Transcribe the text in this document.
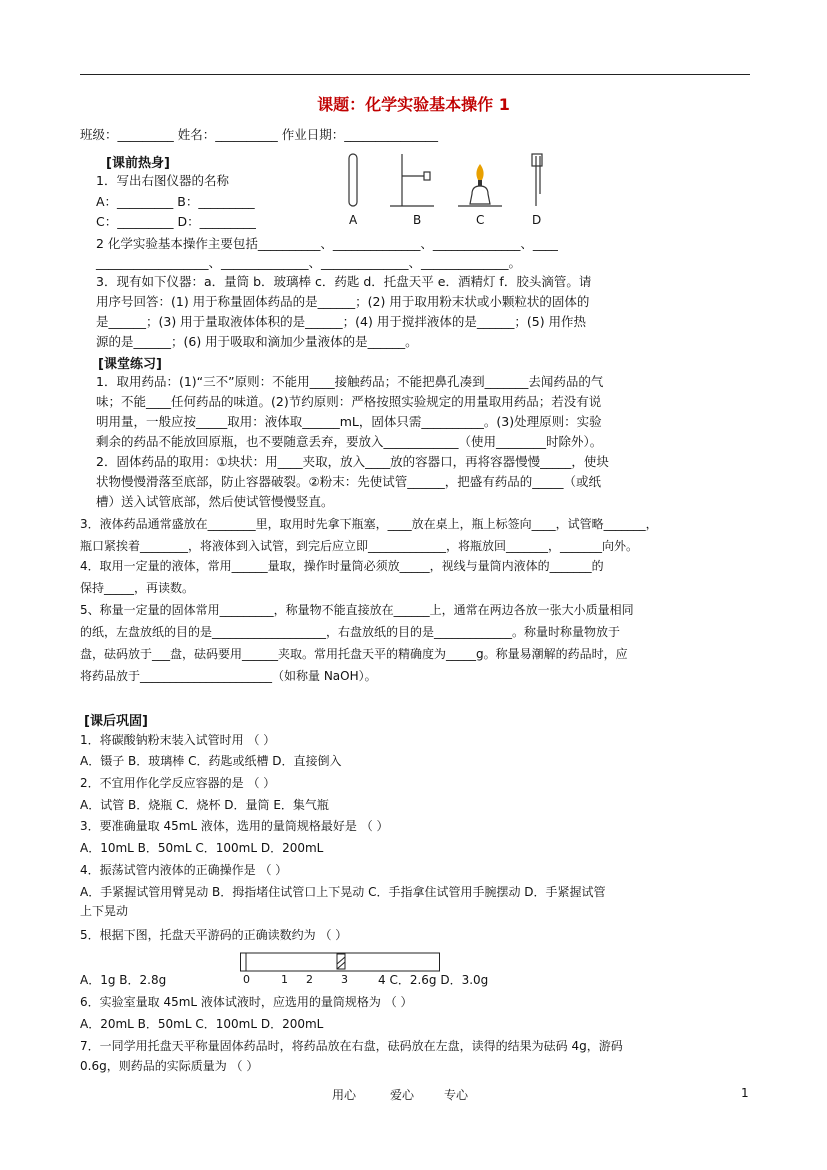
课题：化学实验基本操作 1
班级：_________ 姓名：__________ 作业日期：_______________
[课前热身]
1．写出右图仪器的名称
A：_________ B：_________
C：_________ D：_________
2 化学实验基本操作主要包括__________、______________、______________、____
__________________、______________、______________、______________。
3．现有如下仪器：a．量筒 b．玻璃棒 c．药匙 d．托盘天平 e．酒精灯 f．胶头滴管。请
用序号回答：(1) 用于称量固体药品的是______；(2) 用于取用粉末状或小颗粒状的固体的
是______；(3) 用于量取液体体积的是______；(4) 用于搅拌液体的是______；(5) 用作热
源的是______；(6) 用于吸取和滴加少量液体的是______。
A	B	C	D
[课堂练习]
1．取用药品：(1)“三不”原则：不能用____接触药品；不能把鼻孔凑到_______去闻药品的气
味；不能____任何药品的味道。(2)节约原则：严格按照实验规定的用量取用药品；若没有说
明用量，一般应按_____取用：液体取______mL，固体只需__________。(3)处理原则：实验
剩余的药品不能放回原瓶，也不要随意丢弃，要放入____________（使用________时除外）。
2．固体药品的取用：①块状：用____夹取，放入____放的容器口，再将容器慢慢_____，使块
状物慢慢滑落至底部，防止容器破裂。②粉末：先使试管______，把盛有药品的_____（或纸
槽）送入试管底部，然后使试管慢慢竖直。
3．液体药品通常盛放在________里，取用时先拿下瓶塞，____放在桌上，瓶上标签向____，试管略_______，
瓶口紧挨着________，将液体到入试管，到完后应立即_____________，将瓶放回_______，_______向外。
4．取用一定量的液体，常用______量取，操作时量筒必须放_____，视线与量筒内液体的_______的
保持_____，再读数。
5、称量一定量的固体常用_________，称量物不能直接放在______上，通常在两边各放一张大小质量相同
的纸，左盘放纸的目的是___________________，右盘放纸的目的是_____________。称量时称量物放于
盘，砝码放于___盘，砝码要用______夹取。常用托盘天平的精确度为_____g。称量易潮解的药品时，应
将药品放于______________________（如称量 NaOH）。
[课后巩固]
1．将碳酸钠粉末装入试管时用 （ ）
A．镊子 B．玻璃棒 C．药匙或纸槽 D．直接倒入
2．不宜用作化学反应容器的是 （ ）
A．试管 B．烧瓶 C．烧杯 D．量筒 E．集气瓶
3．要准确量取 45mL 液体，选用的量筒规格最好是 （ ）
A．10mL B．50mL C．100mL D．200mL
4．振荡试管内液体的正确操作是 （ ）
A．手紧握试管用臂晃动 B．拇指堵住试管口上下晃动 C．手指拿住试管用手腕摆动 D．手紧握试管
上下晃动
5．根据下图，托盘天平游码的正确读数约为 （ ）
A．1g B．2.8g	0	1 2	3	4 C．2.6g D．3.0g
6．实验室量取 45mL 液体试液时，应选用的量筒规格为 （ ）
A．20mL B．50mL C．100mL D．200mL
7．一同学用托盘天平称量固体药品时，将药品放在右盘，砝码放在左盘，读得的结果为砝码 4g，游码
0.6g，则药品的实际质量为 （ ）
用心	爱心 专心	1
